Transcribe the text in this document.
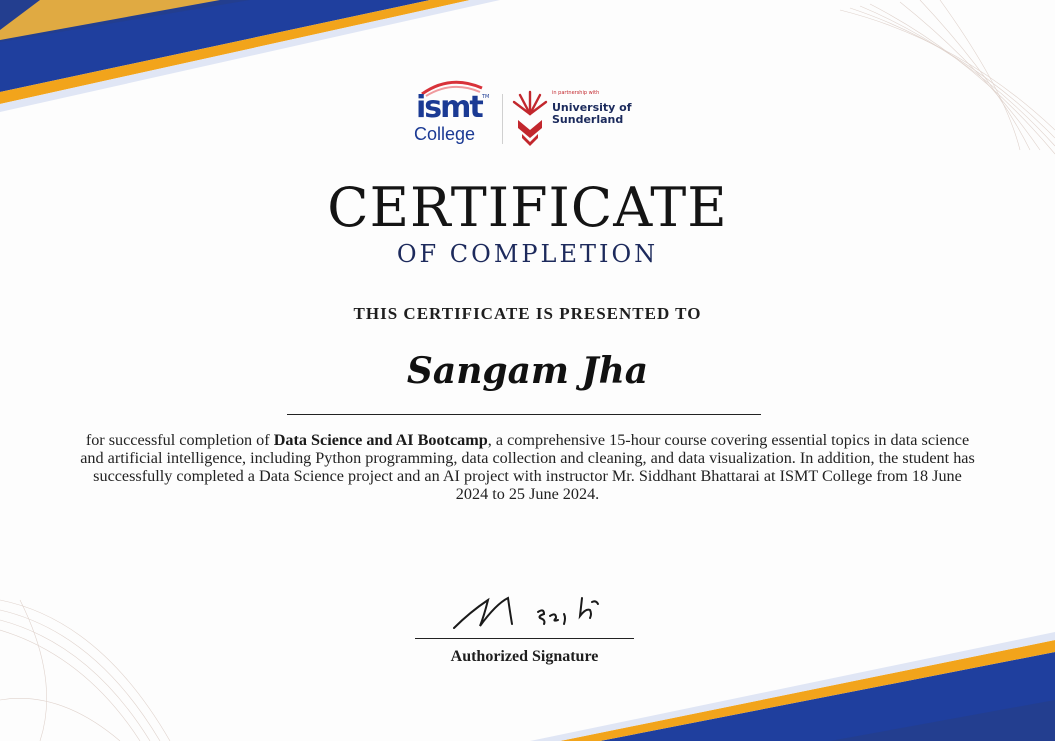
ismt TM
College
in partnership with
University of
Sunderland
CERTIFICATE
OF COMPLETION
THIS CERTIFICATE IS PRESENTED TO
Sangam Jha
for successful completion of Data Science and AI Bootcamp, a comprehensive 15-hour course covering essential topics in data science and artificial intelligence, including Python programming, data collection and cleaning, and data visualization. In addition, the student has successfully completed a Data Science project and an AI project with instructor Mr. Siddhant Bhattarai at ISMT College from 18 June 2024 to 25 June 2024.
Authorized Signature
